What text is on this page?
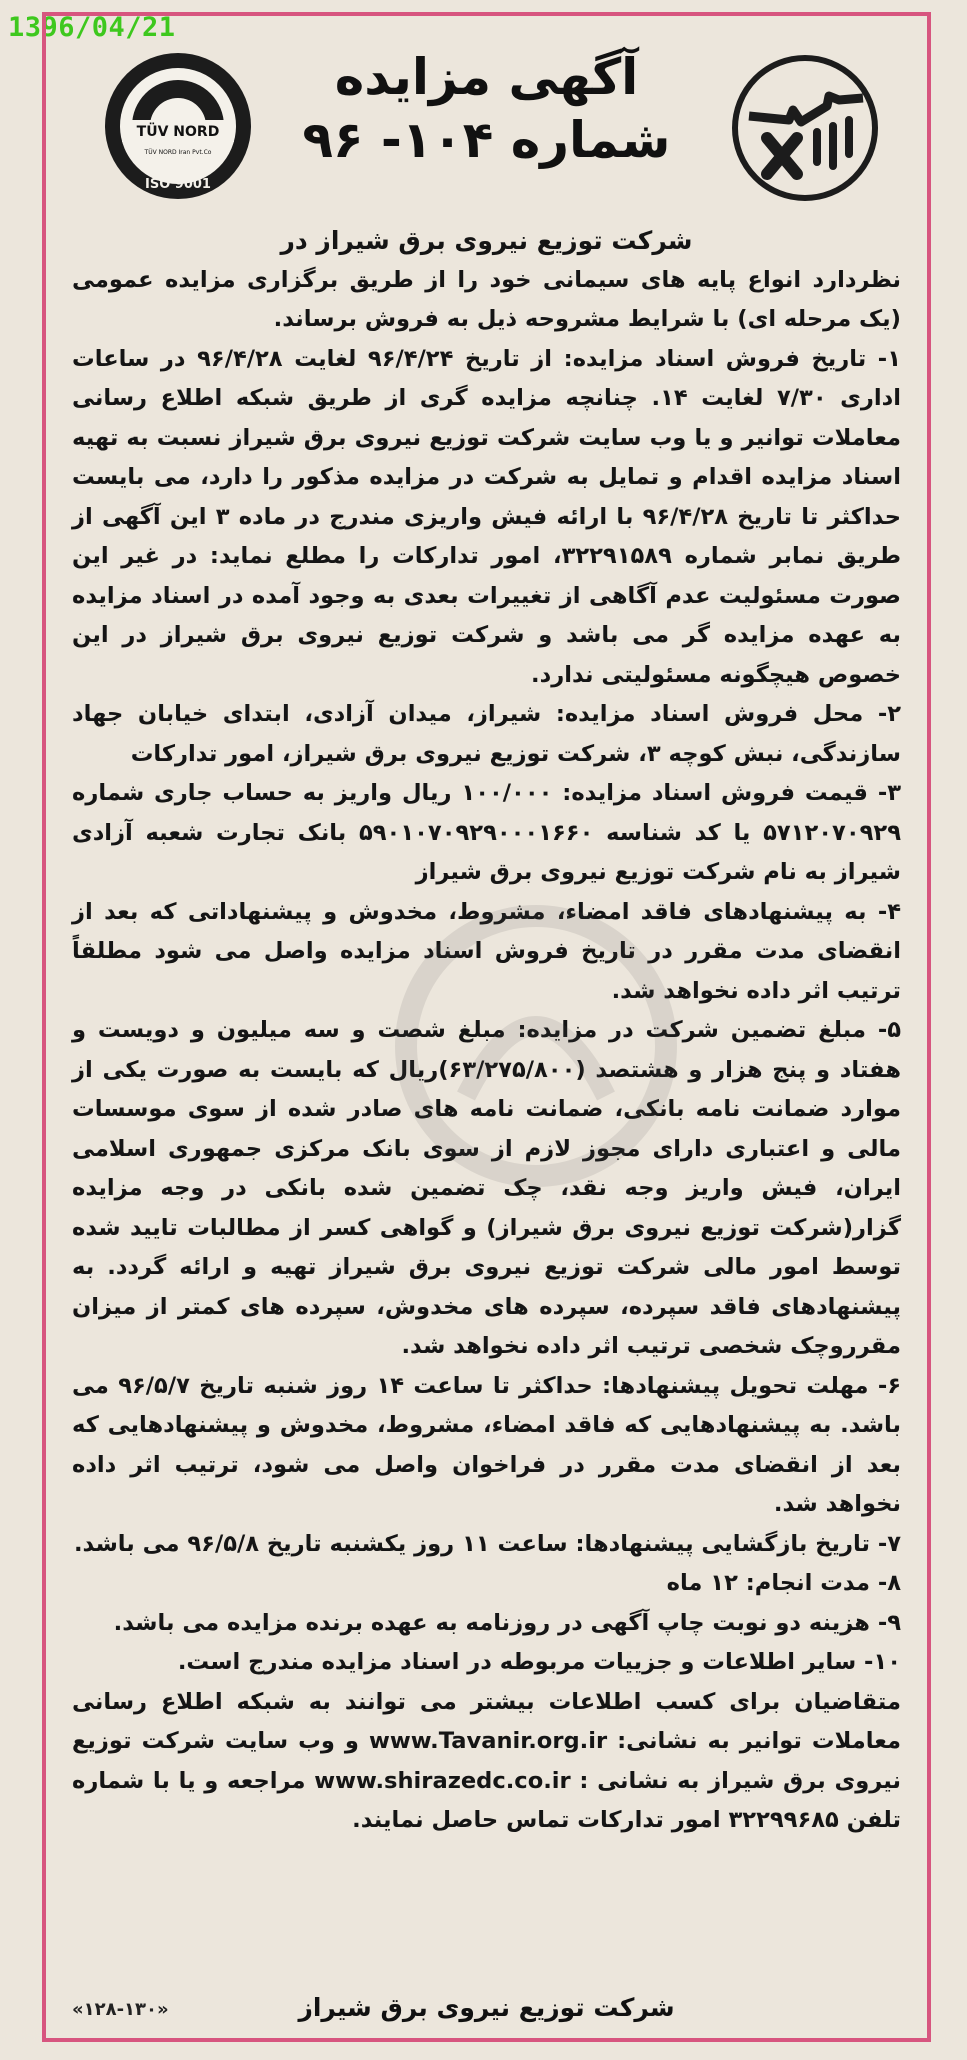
1396/04/21
TÜV NORD
TÜV NORD Iran Pvt.Co
ISO 9001
آگهی مزایده
شماره ۱۰۴- ۹۶

شرکت توزیع نیروی برق شیراز در

نظردارد انواع پایه های سیمانی خود را از طریق برگزاری مزایده عمومی (یک مرحله ای) با شرایط مشروحه ذیل به فروش برساند.

۱- تاریخ فروش اسناد مزایده: از تاریخ ۹۶/۴/۲۴ لغایت ۹۶/۴/۲۸ در ساعات اداری ۷/۳۰ لغایت ۱۴. چنانچه مزایده گری از طریق شبکه اطلاع رسانی معاملات توانیر و یا وب سایت شرکت توزیع نیروی برق شیراز نسبت به تهیه اسناد مزایده اقدام و تمایل به شرکت در مزایده مذکور را دارد، می بایست حداکثر تا تاریخ ۹۶/۴/۲۸ با ارائه فیش واریزی مندرج در ماده ۳ این آگهی از طریق نمابر شماره ۳۲۲۹۱۵۸۹، امور تدارکات را مطلع نماید: در غیر این صورت مسئولیت عدم آگاهی از تغییرات بعدی به وجود آمده در اسناد مزایده به عهده مزایده گر می باشد و شرکت توزیع نیروی برق شیراز در این خصوص هیچگونه مسئولیتی ندارد.

۲- محل فروش اسناد مزایده: شیراز، میدان آزادی، ابتدای خیابان جهاد سازندگی، نبش کوچه ۳، شرکت توزیع نیروی برق شیراز، امور تدارکات

۳- قیمت فروش اسناد مزایده: ۱۰۰/۰۰۰ ریال واریز به حساب جاری شماره ۵۷۱۲۰۷۰۹۲۹ یا کد شناسه ۵۹۰۱۰۷۰۹۲۹۰۰۰۱۶۶۰ بانک تجارت شعبه آزادی شیراز به نام شرکت توزیع نیروی برق شیراز

۴- به پیشنهادهای فاقد امضاء، مشروط، مخدوش و پیشنهاداتی که بعد از انقضای مدت مقرر در تاریخ فروش اسناد مزایده واصل می شود مطلقاً ترتیب اثر داده نخواهد شد.

۵- مبلغ تضمین شرکت در مزایده: مبلغ شصت و سه میلیون و دویست و هفتاد و پنج هزار و هشتصد (۶۳/۲۷۵/۸۰۰)ریال که بایست به صورت یکی از موارد ضمانت نامه بانکی، ضمانت نامه های صادر شده از سوی موسسات مالی و اعتباری دارای مجوز لازم از سوی بانک مرکزی جمهوری اسلامی ایران، فیش واریز وجه نقد، چک تضمین شده بانکی در وجه مزایده گزار(شرکت توزیع نیروی برق شیراز) و گواهی کسر از مطالبات تایید شده توسط امور مالی شرکت توزیع نیروی برق شیراز تهیه و ارائه گردد. به پیشنهادهای فاقد سپرده، سپرده های مخدوش، سپرده های کمتر از میزان مقرروچک شخصی ترتیب اثر داده نخواهد شد.

۶- مهلت تحویل پیشنهادها: حداکثر تا ساعت ۱۴ روز شنبه تاریخ ۹۶/۵/۷ می باشد. به پیشنهادهایی که فاقد امضاء، مشروط، مخدوش و پیشنهادهایی که بعد از انقضای مدت مقرر در فراخوان واصل می شود، ترتیب اثر داده نخواهد شد.

۷- تاریخ بازگشایی پیشنهادها: ساعت ۱۱ روز یکشنبه تاریخ ۹۶/۵/۸ می باشد.

۸- مدت انجام: ۱۲ ماه

۹- هزینه دو نوبت چاپ آگهی در روزنامه به عهده برنده مزایده می باشد.

۱۰- سایر اطلاعات و جزییات مربوطه در اسناد مزایده مندرج است.

متقاضیان برای کسب اطلاعات بیشتر می توانند به شبکه اطلاع رسانی معاملات توانیر به نشانی: www.Tavanir.org.ir و وب سایت شرکت توزیع نیروی برق شیراز به نشانی : www.shirazedc.co.ir مراجعه و یا با شماره تلفن ۳۲۲۹۹۶۸۵ امور تدارکات تماس حاصل نمایند.

شرکت توزیع نیروی برق شیراز
«۱۲۸-۱۳۰»
